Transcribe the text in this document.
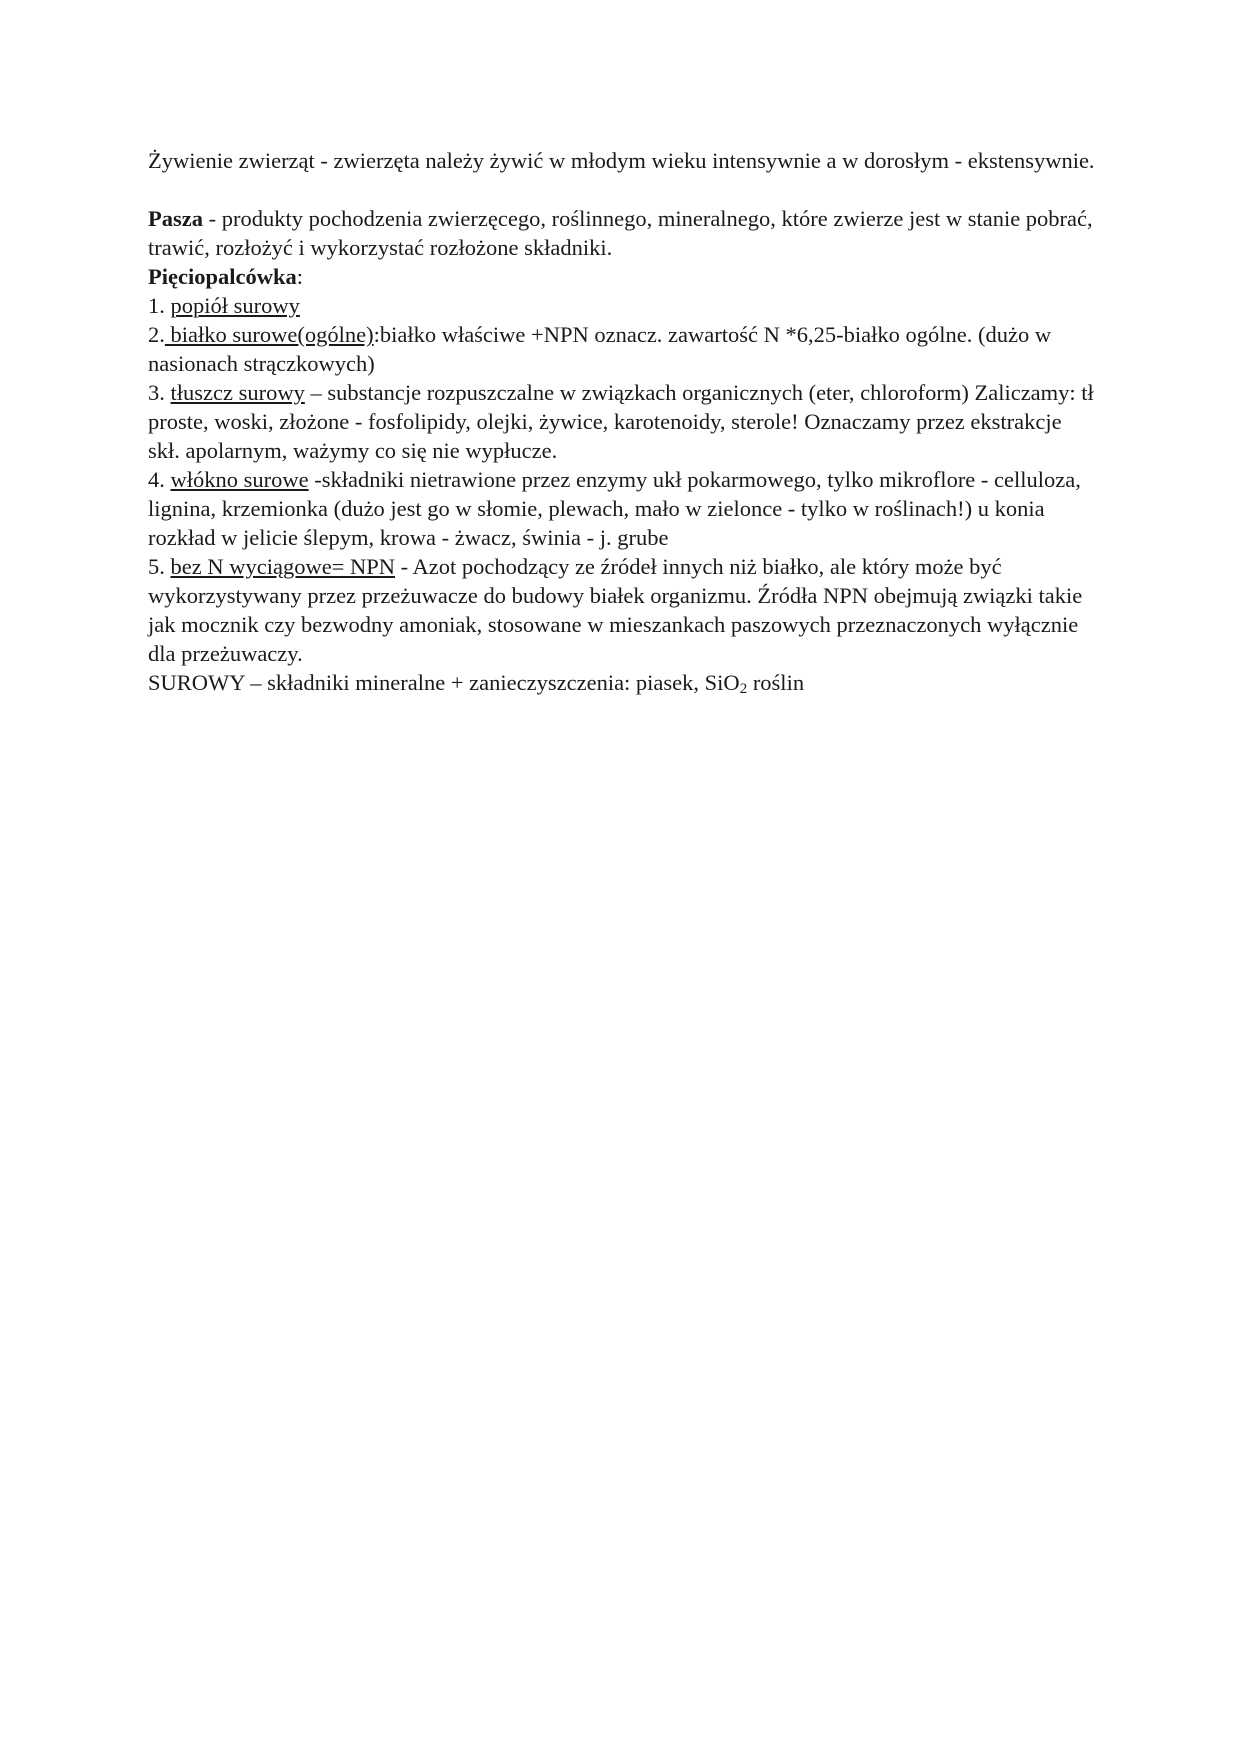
Żywienie zwierząt - zwierzęta należy żywić w młodym wieku intensywnie a w dorosłym - ekstensywnie.

Pasza - produkty pochodzenia zwierzęcego, roślinnego, mineralnego, które zwierze jest w stanie pobrać, trawić, rozłożyć i wykorzystać rozłożone składniki.

Pięciopalcówka:

1. popiół surowy

2. białko surowe(ogólne):białko właściwe +NPN oznacz. zawartość N *6,25-białko ogólne. (dużo w nasionach strączkowych)

3. tłuszcz surowy – substancje rozpuszczalne w związkach organicznych (eter, chloroform) Zaliczamy: tł proste, woski, złożone - fosfolipidy, olejki, żywice, karotenoidy, sterole! Oznaczamy przez ekstrakcje skł. apolarnym, ważymy co się nie wypłucze.

4. włókno surowe -składniki nietrawione przez enzymy ukł pokarmowego, tylko mikroflore - celluloza, lignina, krzemionka (dużo jest go w słomie, plewach, mało w zielonce - tylko w roślinach!) u konia rozkład w jelicie ślepym, krowa - żwacz, świnia - j. grube

5. bez N wyciągowe= NPN - Azot pochodzący ze źródeł innych niż białko, ale który może być wykorzystywany przez przeżuwacze do budowy białek organizmu. Źródła NPN obejmują związki takie jak mocznik czy bezwodny amoniak, stosowane w mieszankach paszowych przeznaczonych wyłącznie dla przeżuwaczy.

SUROWY – składniki mineralne + zanieczyszczenia: piasek, SiO$_2$ roślin
